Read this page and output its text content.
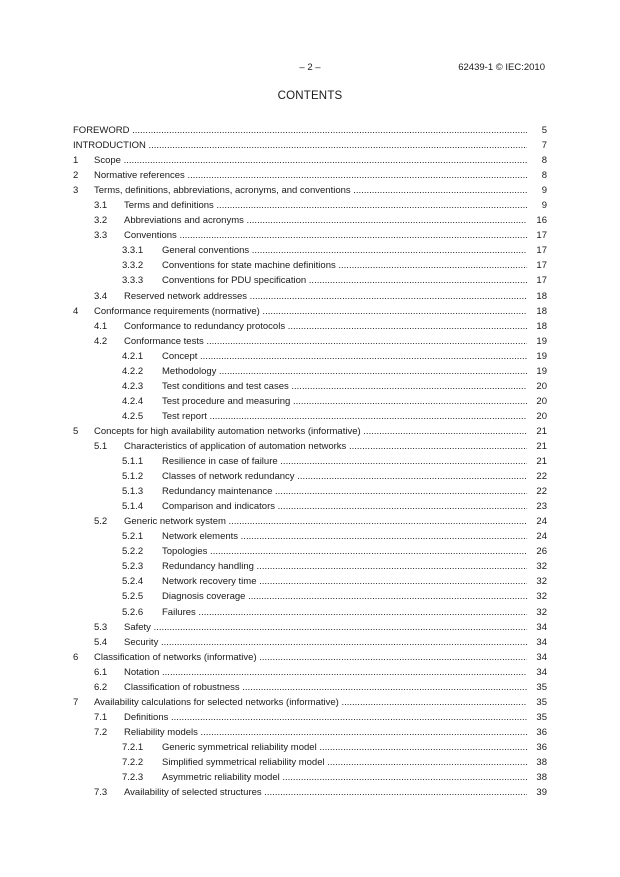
– 2 –	62439-1 © IEC:2010
CONTENTS
FOREWORD .....	5
INTRODUCTION .....	7
1 Scope .....	8
2 Normative references .....	8
3 Terms, definitions, abbreviations, acronyms, and conventions .....	9
3.1 Terms and definitions .....	9
3.2 Abbreviations and acronyms .....	16
3.3 Conventions .....	17
3.3.1 General conventions .....	17
3.3.2 Conventions for state machine definitions .....	17
3.3.3 Conventions for PDU specification .....	17
3.4 Reserved network addresses .....	18
4 Conformance requirements (normative) .....	18
4.1 Conformance to redundancy protocols .....	18
4.2 Conformance tests .....	19
4.2.1 Concept .....	19
4.2.2 Methodology .....	19
4.2.3 Test conditions and test cases .....	20
4.2.4 Test procedure and measuring .....	20
4.2.5 Test report .....	20
5 Concepts for high availability automation networks (informative) .....	21
5.1 Characteristics of application of automation networks .....	21
5.1.1 Resilience in case of failure .....	21
5.1.2 Classes of network redundancy .....	22
5.1.3 Redundancy maintenance .....	22
5.1.4 Comparison and indicators .....	23
5.2 Generic network system .....	24
5.2.1 Network elements .....	24
5.2.2 Topologies .....	26
5.2.3 Redundancy handling .....	32
5.2.4 Network recovery time .....	32
5.2.5 Diagnosis coverage .....	32
5.2.6 Failures .....	32
5.3 Safety .....	34
5.4 Security .....	34
6 Classification of networks (informative) .....	34
6.1 Notation .....	34
6.2 Classification of robustness .....	35
7 Availability calculations for selected networks (informative) .....	35
7.1 Definitions .....	35
7.2 Reliability models .....	36
7.2.1 Generic symmetrical reliability model .....	36
7.2.2 Simplified symmetrical reliability model .....	38
7.2.3 Asymmetric reliability model .....	38
7.3 Availability of selected structures .....	39
